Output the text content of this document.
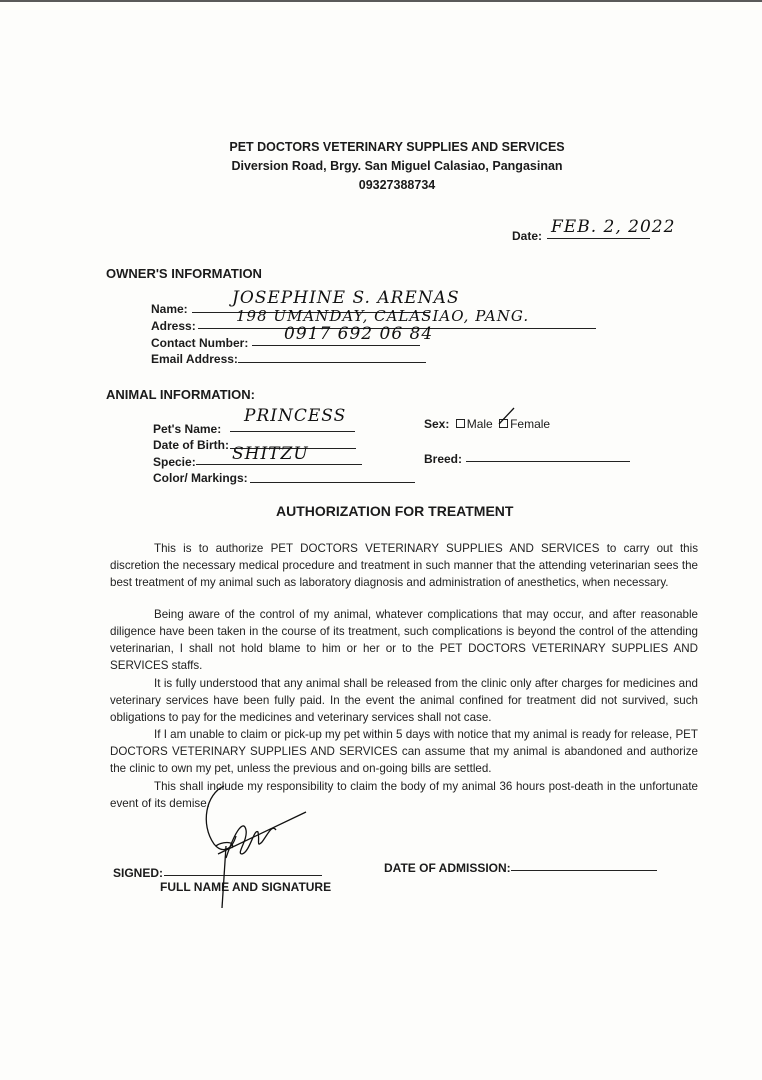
PET DOCTORS VETERINARY SUPPLIES AND SERVICES
Diversion Road, Brgy. San Miguel Calasiao, Pangasinan
09327388734
Date: FEB. 2, 2022
OWNER'S INFORMATION
Name:
JOSEPHINE S. ARENAS
Adress:
198 UMANDAY, CALASIAO, PANG.
Contact Number: 0917 692 06 84
Email Address:
ANIMAL INFORMATION:
Pet's Name:
PRINCESS
Date of Birth:
Specie: SHITZU
Color/ Markings:
Sex: Male Female
Breed:
AUTHORIZATION FOR TREATMENT
This is to authorize PET DOCTORS VETERINARY SUPPLIES AND SERVICES to carry out this discretion the necessary medical procedure and treatment in such manner that the attending veterinarian sees the best treatment of my animal such as laboratory diagnosis and administration of anesthetics, when necessary.
Being aware of the control of my animal, whatever complications that may occur, and after reasonable diligence have been taken in the course of its treatment, such complications is beyond the control of the attending veterinarian, I shall not hold blame to him or her or to the PET DOCTORS VETERINARY SUPPLIES AND SERVICES staffs.
It is fully understood that any animal shall be released from the clinic only after charges for medicines and veterinary services have been fully paid. In the event the animal confined for treatment did not survived, such obligations to pay for the medicines and veterinary services shall not case.
If I am unable to claim or pick-up my pet within 5 days with notice that my animal is ready for release, PET DOCTORS VETERINARY SUPPLIES AND SERVICES can assume that my animal is abandoned and authorize the clinic to own my pet, unless the previous and on-going bills are settled.
This shall include my responsibility to claim the body of my animal 36 hours post-death in the unfortunate event of its demise.
SIGNED:
FULL NAME AND SIGNATURE
DATE OF ADMISSION:
